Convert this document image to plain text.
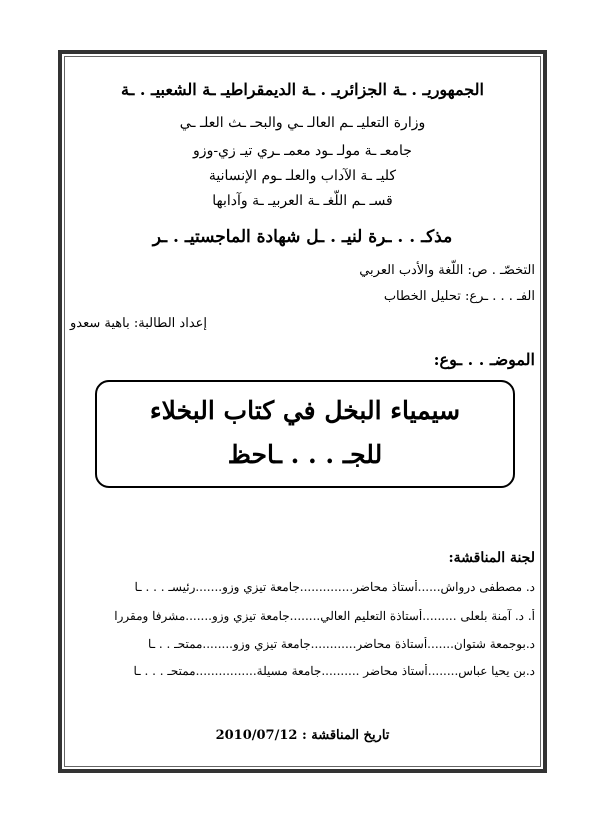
الجمهوريـ . ـة الجزائريـ . ـة الديمقراطيـ ـة الشعبيـ . ـة
وزارة التعليـ ـم العالـ ـي والبحـ ـث العلـ ـي
جامعـ ـة مولـ ـود معمـ ـري تيـ زي-وزو
كليـ ـة الآداب والعلـ ـوم الإنسانية
قسـ ـم اللّغـ ـة العربيـ ـة وآدابها
مذكـ . . ـرة لنيـ . ـل شهادة الماجستيـ . ـر
التخصّـ . ص: اللّغة والأدب العربي
الفـ . . . ـرع: تحليل الخطاب
إعداد الطالبة: باهية سعدو
الموضـ . . ـوع:
سيمياء البخل في كتاب البخلاء
للجـ . . . ـاحظ
لجنة المناقشة:
د. مصطفى درواش......أستاذ محاضر..............جامعة تيزي وزو.......رئيسـ . . . ـا
أ. د. آمنة بلعلى .........أستاذة التعليم العالي........جامعة تيزي وزو.......مشرفا ومقررا
د.بوجمعة شتوان.......أستاذة محاضر............جامعة تيزي وزو........ممتحـ . . ـا
د.بن يحيا عباس........أستاذ محاضر ..........جامعة مسيلة................ممتحـ . . . ـا
تاريخ المناقشة : 2010/07/12
